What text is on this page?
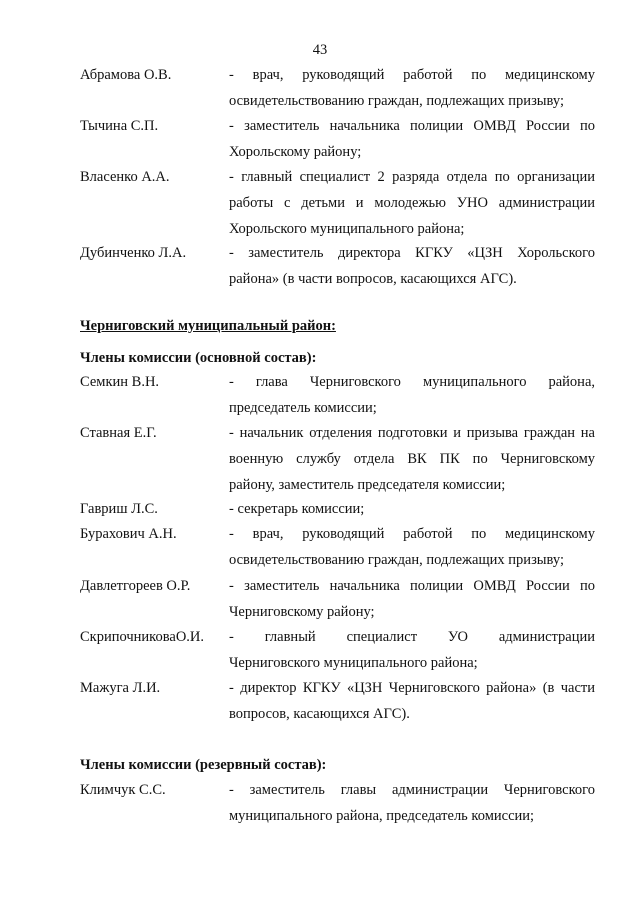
43
Абрамова О.В.	- врач, руководящий работой по медицинскому
освидетельствованию граждан, подлежащих призыву;
Тычина С.П.	- заместитель начальника полиции ОМВД России по
Хорольскому району;
Власенко А.А.	- главный специалист 2 разряда отдела по организации
работы с детьми и молодежью УНО администрации
Хорольского муниципального района;
Дубинченко Л.А.	- заместитель директора КГКУ «ЦЗН Хорольского
района» (в части вопросов, касающихся АГС).
Черниговский муниципальный район:
Члены комиссии (основной состав):
Семкин В.Н.	- глава Черниговского муниципального района,
председатель комиссии;
Ставная Е.Г.	- начальник отделения подготовки и призыва граждан на
военную службу отдела ВК ПК по Черниговскому
району, заместитель председателя комиссии;
Гавриш Л.С.	- секретарь комиссии;
Бурахович А.Н.	- врач, руководящий работой по медицинскому
освидетельствованию граждан, подлежащих призыву;
Давлетгореев О.Р.	- заместитель начальника полиции ОМВД России по
Черниговскому району;
СкрипочниковаО.И.	- главный специалист УО администрации
Черниговского муниципального района;
Мажуга Л.И.	- директор КГКУ «ЦЗН Черниговского района» (в части
вопросов, касающихся АГС).
Члены комиссии (резервный состав):
Климчук С.С.	- заместитель главы администрации Черниговского
муниципального района, председатель комиссии;
